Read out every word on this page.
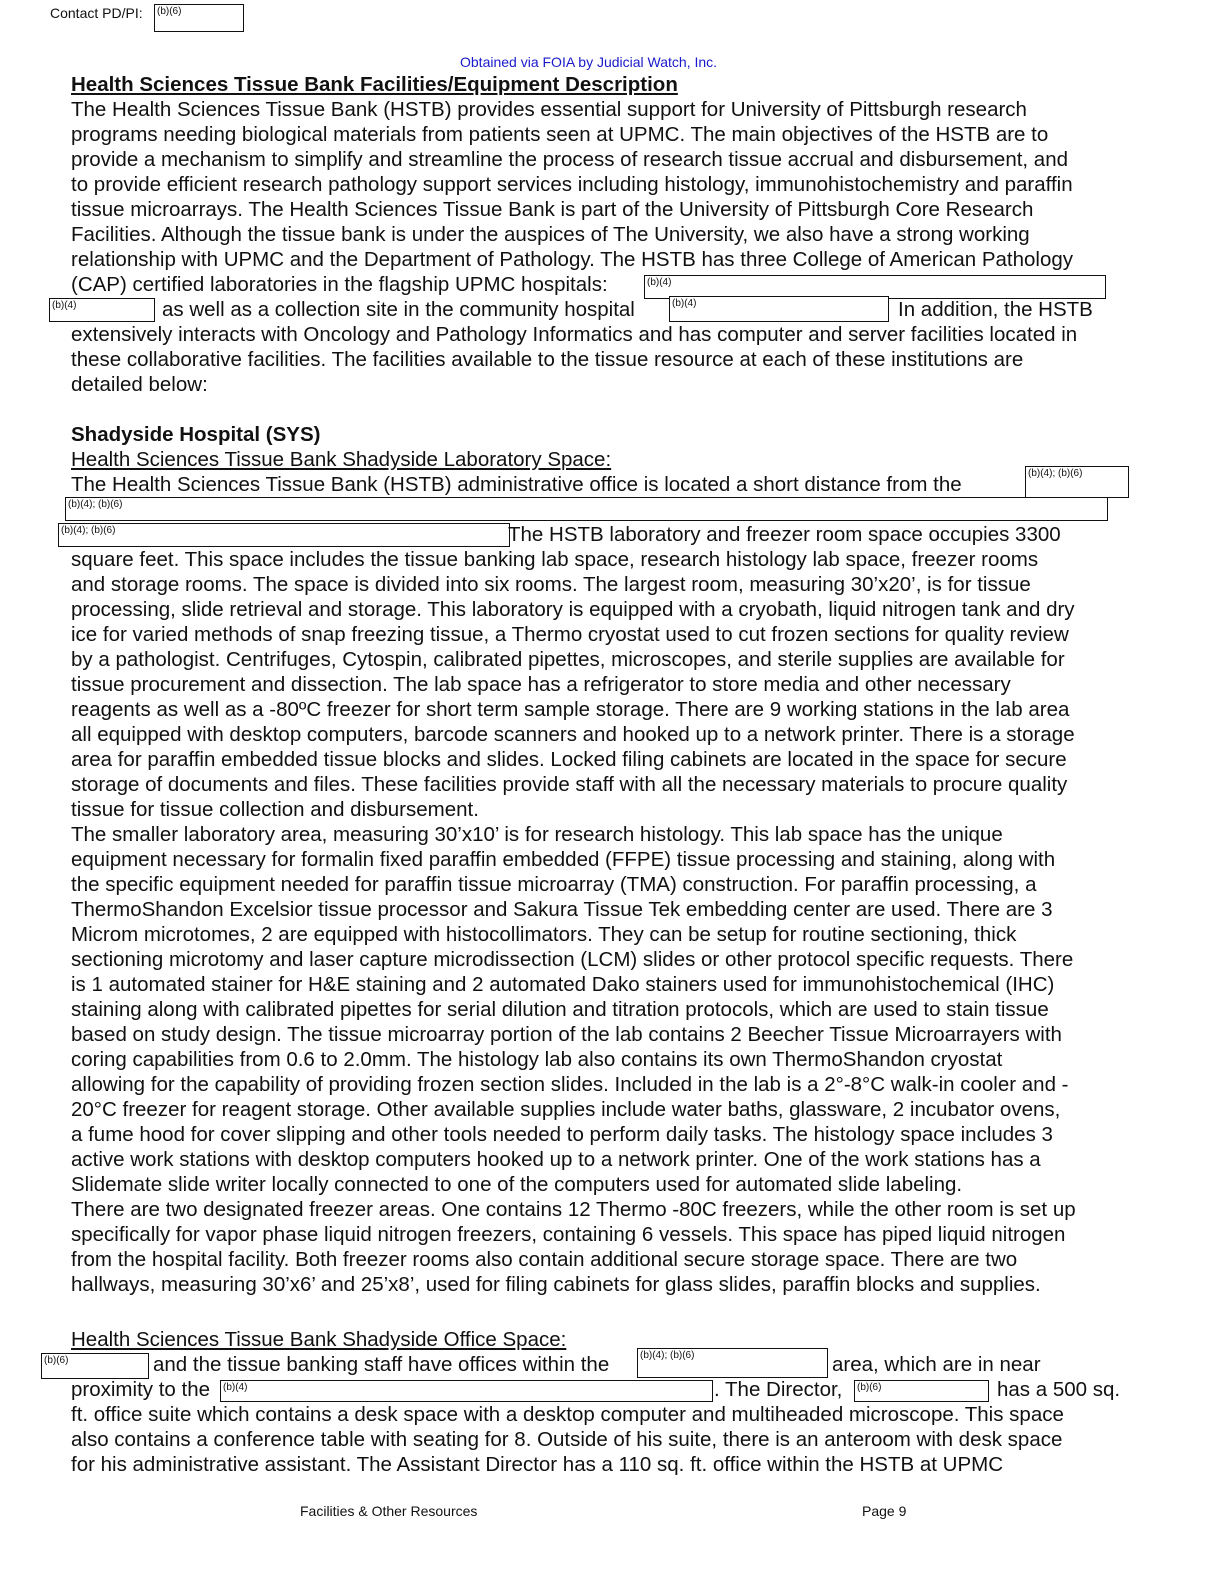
Contact PD/PI:	(b)(6)
Obtained via FOIA by Judicial Watch, Inc.
Health Sciences Tissue Bank Facilities/Equipment Description
The Health Sciences Tissue Bank (HSTB) provides essential support for University of Pittsburgh research
programs needing biological materials from patients seen at UPMC. The main objectives of the HSTB are to
provide a mechanism to simplify and streamline the process of research tissue accrual and disbursement, and
to provide efficient research pathology support services including histology, immunohistochemistry and paraffin
tissue microarrays. The Health Sciences Tissue Bank is part of the University of Pittsburgh Core Research
Facilities. Although the tissue bank is under the auspices of The University, we also have a strong working
relationship with UPMC and the Department of Pathology. The HSTB has three College of American Pathology
(CAP) certified laboratories in the flagship UPMC hospitals:	(b)(4)
(b)(4)	as well as a collection site in the community hospital	(b)(4)	In addition, the HSTB
extensively interacts with Oncology and Pathology Informatics and has computer and server facilities located in
these collaborative facilities. The facilities available to the tissue resource at each of these institutions are
detailed below:
Shadyside Hospital (SYS)
Health Sciences Tissue Bank Shadyside Laboratory Space:
The Health Sciences Tissue Bank (HSTB) administrative office is located a short distance from the	(b)(4); (b)(6)
(b)(4); (b)(6)
(b)(4); (b)(6)	The HSTB laboratory and freezer room space occupies 3300
square feet. This space includes the tissue banking lab space, research histology lab space, freezer rooms
and storage rooms. The space is divided into six rooms. The largest room, measuring 30’x20’, is for tissue
processing, slide retrieval and storage. This laboratory is equipped with a cryobath, liquid nitrogen tank and dry
ice for varied methods of snap freezing tissue, a Thermo cryostat used to cut frozen sections for quality review
by a pathologist. Centrifuges, Cytospin, calibrated pipettes, microscopes, and sterile supplies are available for
tissue procurement and dissection. The lab space has a refrigerator to store media and other necessary
reagents as well as a -80ºC freezer for short term sample storage. There are 9 working stations in the lab area
all equipped with desktop computers, barcode scanners and hooked up to a network printer. There is a storage
area for paraffin embedded tissue blocks and slides. Locked filing cabinets are located in the space for secure
storage of documents and files. These facilities provide staff with all the necessary materials to procure quality
tissue for tissue collection and disbursement.
The smaller laboratory area, measuring 30’x10’ is for research histology. This lab space has the unique
equipment necessary for formalin fixed paraffin embedded (FFPE) tissue processing and staining, along with
the specific equipment needed for paraffin tissue microarray (TMA) construction. For paraffin processing, a
ThermoShandon Excelsior tissue processor and Sakura Tissue Tek embedding center are used. There are 3
Microm microtomes, 2 are equipped with histocollimators. They can be setup for routine sectioning, thick
sectioning microtomy and laser capture microdissection (LCM) slides or other protocol specific requests. There
is 1 automated stainer for H&E staining and 2 automated Dako stainers used for immunohistochemical (IHC)
staining along with calibrated pipettes for serial dilution and titration protocols, which are used to stain tissue
based on study design. The tissue microarray portion of the lab contains 2 Beecher Tissue Microarrayers with
coring capabilities from 0.6 to 2.0mm. The histology lab also contains its own ThermoShandon cryostat
allowing for the capability of providing frozen section slides. Included in the lab is a 2°-8°C walk-in cooler and -
20°C freezer for reagent storage. Other available supplies include water baths, glassware, 2 incubator ovens,
a fume hood for cover slipping and other tools needed to perform daily tasks. The histology space includes 3
active work stations with desktop computers hooked up to a network printer. One of the work stations has a
Slidemate slide writer locally connected to one of the computers used for automated slide labeling.
There are two designated freezer areas. One contains 12 Thermo -80C freezers, while the other room is set up
specifically for vapor phase liquid nitrogen freezers, containing 6 vessels. This space has piped liquid nitrogen
from the hospital facility. Both freezer rooms also contain additional secure storage space. There are two
hallways, measuring 30’x6’ and 25’x8’, used for filing cabinets for glass slides, paraffin blocks and supplies.
Health Sciences Tissue Bank Shadyside Office Space:
(b)(6)	and the tissue banking staff have offices within the	(b)(4); (b)(6)	area, which are in near
proximity to the	(b)(4)	. The Director,	(b)(6)	has a 500 sq.
ft. office suite which contains a desk space with a desktop computer and multiheaded microscope. This space
also contains a conference table with seating for 8. Outside of his suite, there is an anteroom with desk space
for his administrative assistant. The Assistant Director has a 110 sq. ft. office within the HSTB at UPMC
Facilities & Other Resources	Page 9
